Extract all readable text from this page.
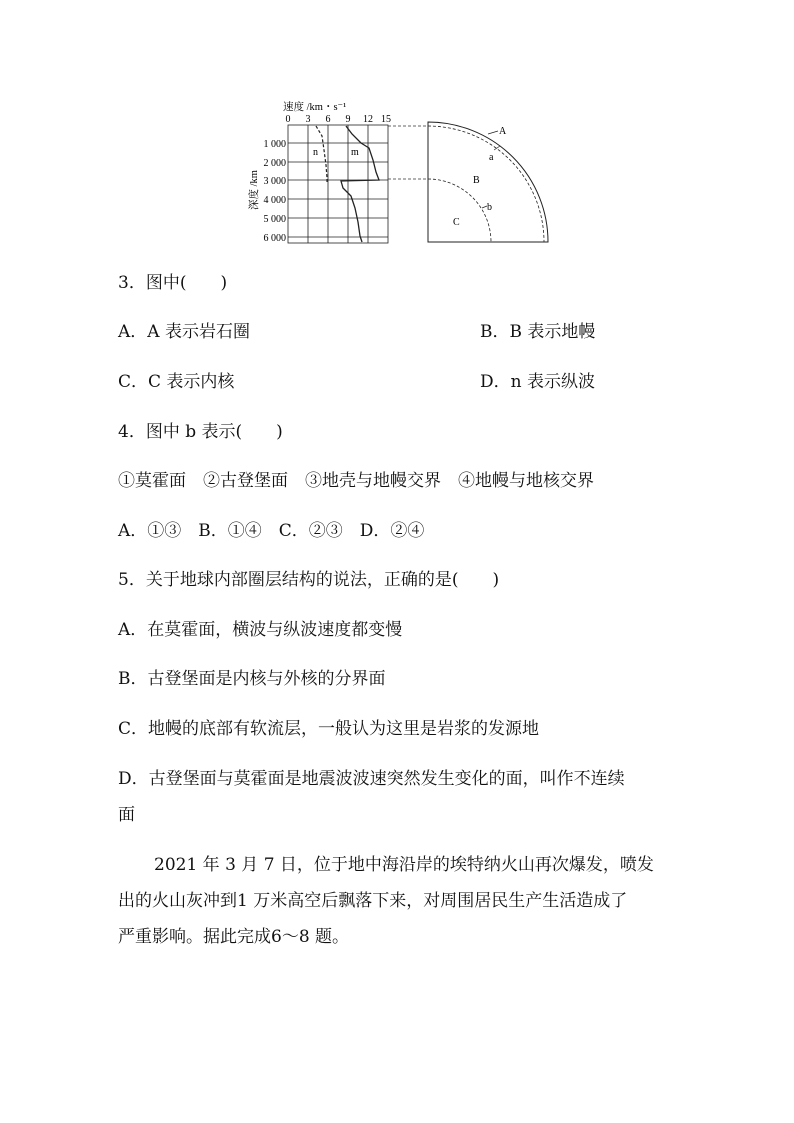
速度 /km・s⁻¹
0 3 6 9 12 15
深度 /km
1 000
2 000
3 000
4 000
5 000
6 000
n	m
A
a
B
b
C
3．图中(　　)
A．A 表示岩石圈	B．B 表示地幔
C．C 表示内核	D．n 表示纵波
4．图中 b 表示(　　)
①莫霍面　②古登堡面　③地壳与地幔交界　④地幔与地核交界
A．①③　B．①④　C．②③　D．②④
5．关于地球内部圈层结构的说法，正确的是(　　)
A．在莫霍面，横波与纵波速度都变慢
B．古登堡面是内核与外核的分界面
C．地幔的底部有软流层，一般认为这里是岩浆的发源地
D．古登堡面与莫霍面是地震波波速突然发生变化的面，叫作不连续
面
2021 年 3 月 7 日，位于地中海沿岸的埃特纳火山再次爆发，喷发
出的火山灰冲到1 万米高空后飘落下来，对周围居民生产生活造成了
严重影响。据此完成6～8 题。
